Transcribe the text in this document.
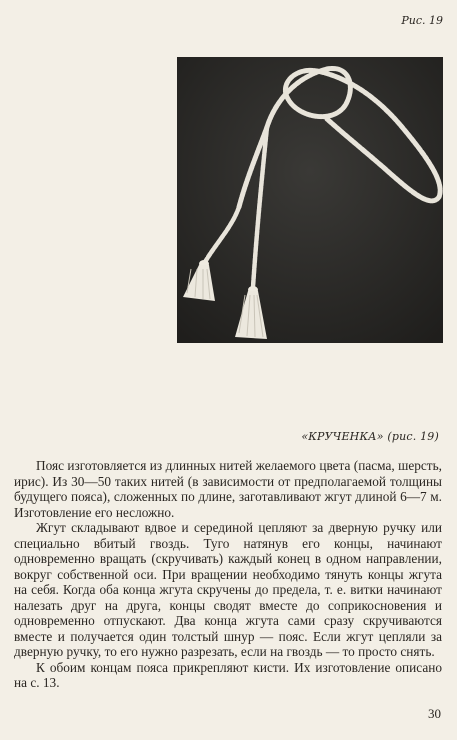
Рис. 19
«КРУЧЕНКА» (рис. 19)

Пояс изготовляется из длинных нитей желаемого цвета (пасма, шерсть, ирис). Из 30—50 таких нитей (в зависимости от предполагаемой толщины будущего пояса), сложенных по длине, заготавливают жгут длиной 6—7 м. Изготовление его несложно.

Жгут складывают вдвое и серединой цепляют за дверную ручку или специально вбитый гвоздь. Туго натянув его концы, начинают одновременно вращать (скручивать) каждый конец в одном направлении, вокруг собственной оси. При вращении необходимо тянуть концы жгута на себя. Когда оба конца жгута скручены до предела, т. е. витки начинают налезать друг на друга, концы сводят вместе до соприкосновения и одновременно отпускают. Два конца жгута сами сразу скручиваются вместе и получается один толстый шнур — пояс. Если жгут цепляли за дверную ручку, то его нужно разрезать, если на гвоздь — то просто снять.

К обоим концам пояса прикрепляют кисти. Их изготовление описано на с. 13.

30
